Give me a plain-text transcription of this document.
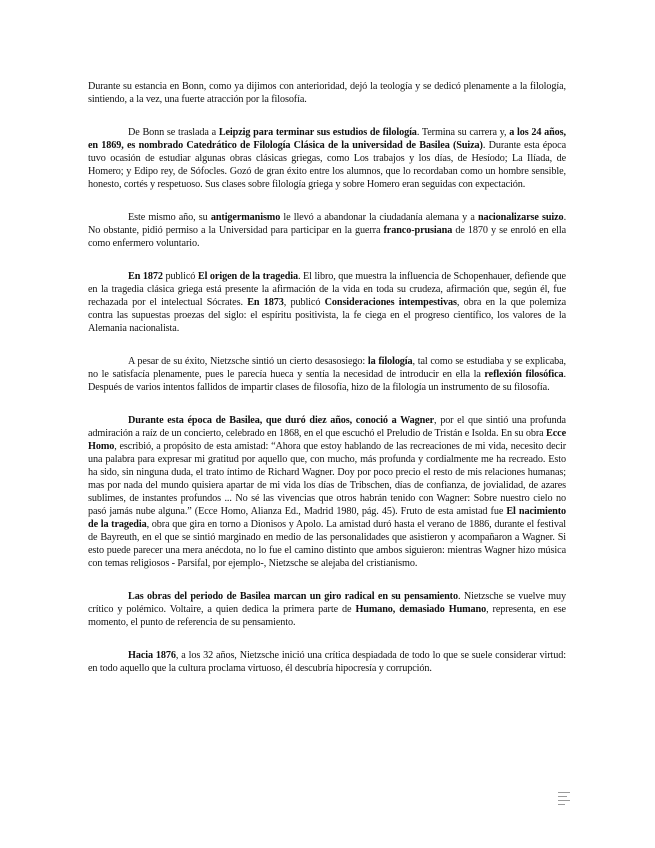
Durante su estancia en Bonn, como ya dijimos con anterioridad, dejó la teología y se dedicó plenamente a la filología, sintiendo, a la vez, una fuerte atracción por la filosofía.

De Bonn se traslada a Leipzig para terminar sus estudios de filología. Termina su carrera y, a los 24 años, en 1869, es nombrado Catedrático de Filología Clásica de la universidad de Basilea (Suiza). Durante esta época tuvo ocasión de estudiar algunas obras clásicas griegas, como Los trabajos y los días, de Hesíodo; La Ilíada, de Homero; y Edipo rey, de Sófocles. Gozó de gran éxito entre los alumnos, que lo recordaban como un hombre sensible, honesto, cortés y respetuoso. Sus clases sobre filología griega y sobre Homero eran seguidas con expectación.

Este mismo año, su antigermanismo le llevó a abandonar la ciudadanía alemana y a nacionalizarse suizo. No obstante, pidió permiso a la Universidad para participar en la guerra franco-prusiana de 1870 y se enroló en ella como enfermero voluntario.

En 1872 publicó El origen de la tragedia. El libro, que muestra la influencia de Schopenhauer, defiende que en la tragedia clásica griega está presente la afirmación de la vida en toda su crudeza, afirmación que, según él, fue rechazada por el intelectual Sócrates. En 1873, publicó Consideraciones intempestivas, obra en la que polemiza contra las supuestas proezas del siglo: el espíritu positivista, la fe ciega en el progreso científico, los valores de la Alemania nacionalista.

A pesar de su éxito, Nietzsche sintió un cierto desasosiego: la filología, tal como se estudiaba y se explicaba, no le satisfacía plenamente, pues le parecía hueca y sentía la necesidad de introducir en ella la reflexión filosófica. Después de varios intentos fallidos de impartir clases de filosofía, hizo de la filología un instrumento de su filosofía.

Durante esta época de Basilea, que duró diez años, conoció a Wagner, por el que sintió una profunda admiración a raíz de un concierto, celebrado en 1868, en el que escuchó el Preludio de Tristán e Isolda. En su obra Ecce Homo, escribió, a propósito de esta amistad: “Ahora que estoy hablando de las recreaciones de mi vida, necesito decir una palabra para expresar mi gratitud por aquello que, con mucho, más profunda y cordialmente me ha recreado. Esto ha sido, sin ninguna duda, el trato íntimo de Richard Wagner. Doy por poco precio el resto de mis relaciones humanas; mas por nada del mundo quisiera apartar de mi vida los días de Tribschen, días de confianza, de jovialidad, de azares sublimes, de instantes profundos ... No sé las vivencias que otros habrán tenido con Wagner: Sobre nuestro cielo no pasó jamás nube alguna.” (Ecce Homo, Alianza Ed., Madrid 1980, pág. 45). Fruto de esta amistad fue El nacimiento de la tragedia, obra que gira en torno a Dionisos y Apolo. La amistad duró hasta el verano de 1886, durante el festival de Bayreuth, en el que se sintió marginado en medio de las personalidades que asistieron y acompañaron a Wagner. Si esto puede parecer una mera anécdota, no lo fue el camino distinto que ambos siguieron: mientras Wagner hizo música con temas religiosos - Parsifal, por ejemplo-, Nietzsche se alejaba del cristianismo.

Las obras del periodo de Basilea marcan un giro radical en su pensamiento. Nietzsche se vuelve muy crítico y polémico. Voltaire, a quien dedica la primera parte de Humano, demasiado Humano, representa, en ese momento, el punto de referencia de su pensamiento.

Hacia 1876, a los 32 años, Nietzsche inició una crítica despiadada de todo lo que se suele considerar virtud: en todo aquello que la cultura proclama virtuoso, él descubría hipocresía y corrupción.
